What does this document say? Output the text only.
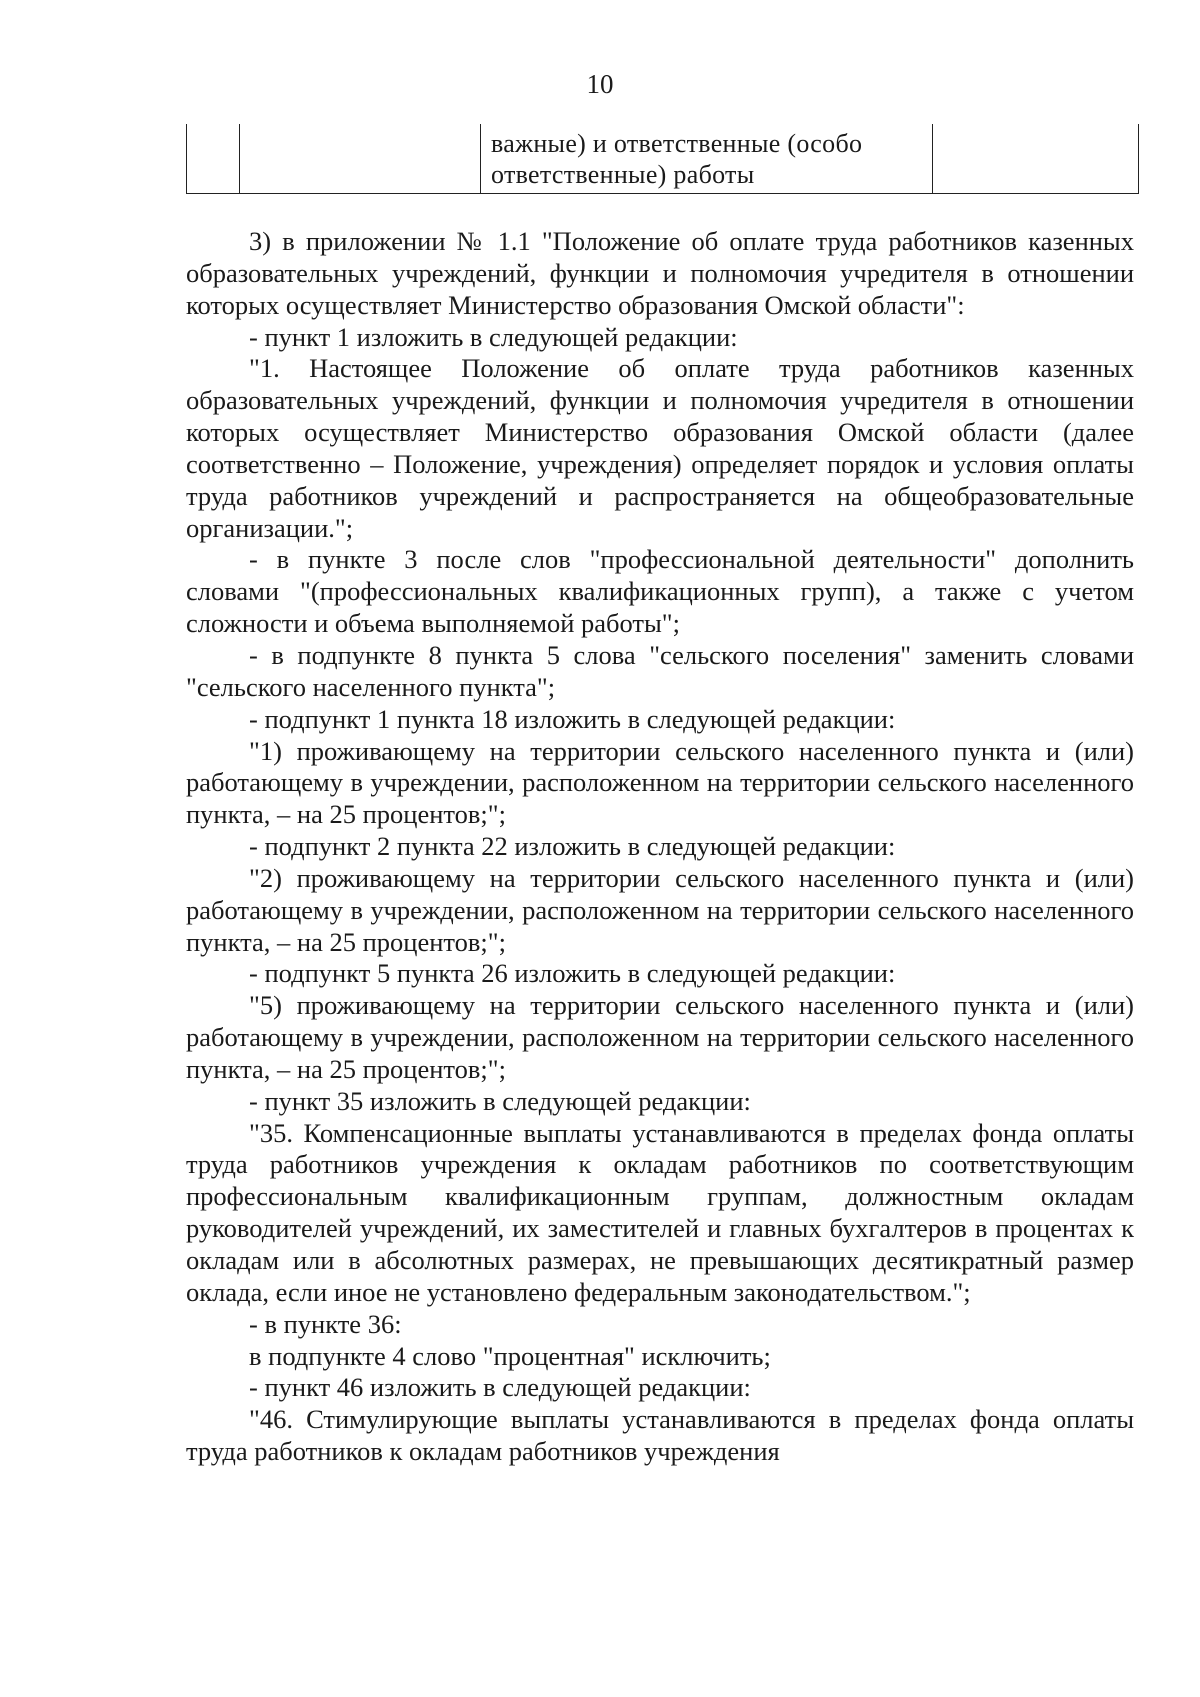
10
		важные) и ответственные (особо ответственные) работы	

3) в приложении № 1.1 "Положение об оплате труда работников казенных образовательных учреждений, функции и полномочия учредителя в отношении которых осуществляет Министерство образования Омской области":

- пункт 1 изложить в следующей редакции:

"1. Настоящее Положение об оплате труда работников казенных образовательных учреждений, функции и полномочия учредителя в отношении которых осуществляет Министерство образования Омской области (далее соответственно – Положение, учреждения) определяет порядок и условия оплаты труда работников учреждений и распространяется на общеобразовательные организации.";

- в пункте 3 после слов "профессиональной деятельности" дополнить словами "(профессиональных квалификационных групп), а также с учетом сложности и объема выполняемой работы";

- в подпункте 8 пункта 5 слова "сельского поселения" заменить словами "сельского населенного пункта";

- подпункт 1 пункта 18 изложить в следующей редакции:

"1) проживающему на территории сельского населенного пункта и (или) работающему в учреждении, расположенном на территории сельского населенного пункта, – на 25 процентов;";

- подпункт 2 пункта 22 изложить в следующей редакции:

"2) проживающему на территории сельского населенного пункта и (или) работающему в учреждении, расположенном на территории сельского населенного пункта, – на 25 процентов;";

- подпункт 5 пункта 26 изложить в следующей редакции:

"5) проживающему на территории сельского населенного пункта и (или) работающему в учреждении, расположенном на территории сельского населенного пункта, – на 25 процентов;";

- пункт 35 изложить в следующей редакции:

"35. Компенсационные выплаты устанавливаются в пределах фонда оплаты труда работников учреждения к окладам работников по соответствующим профессиональным квалификационным группам, должностным окладам руководителей учреждений, их заместителей и главных бухгалтеров в процентах к окладам или в абсолютных размерах, не превышающих десятикратный размер оклада, если иное не установлено федеральным законодательством.";

- в пункте 36:

в подпункте 4 слово "процентная" исключить;

- пункт 46 изложить в следующей редакции:

"46. Стимулирующие выплаты устанавливаются в пределах фонда оплаты труда работников к окладам работников учреждения
